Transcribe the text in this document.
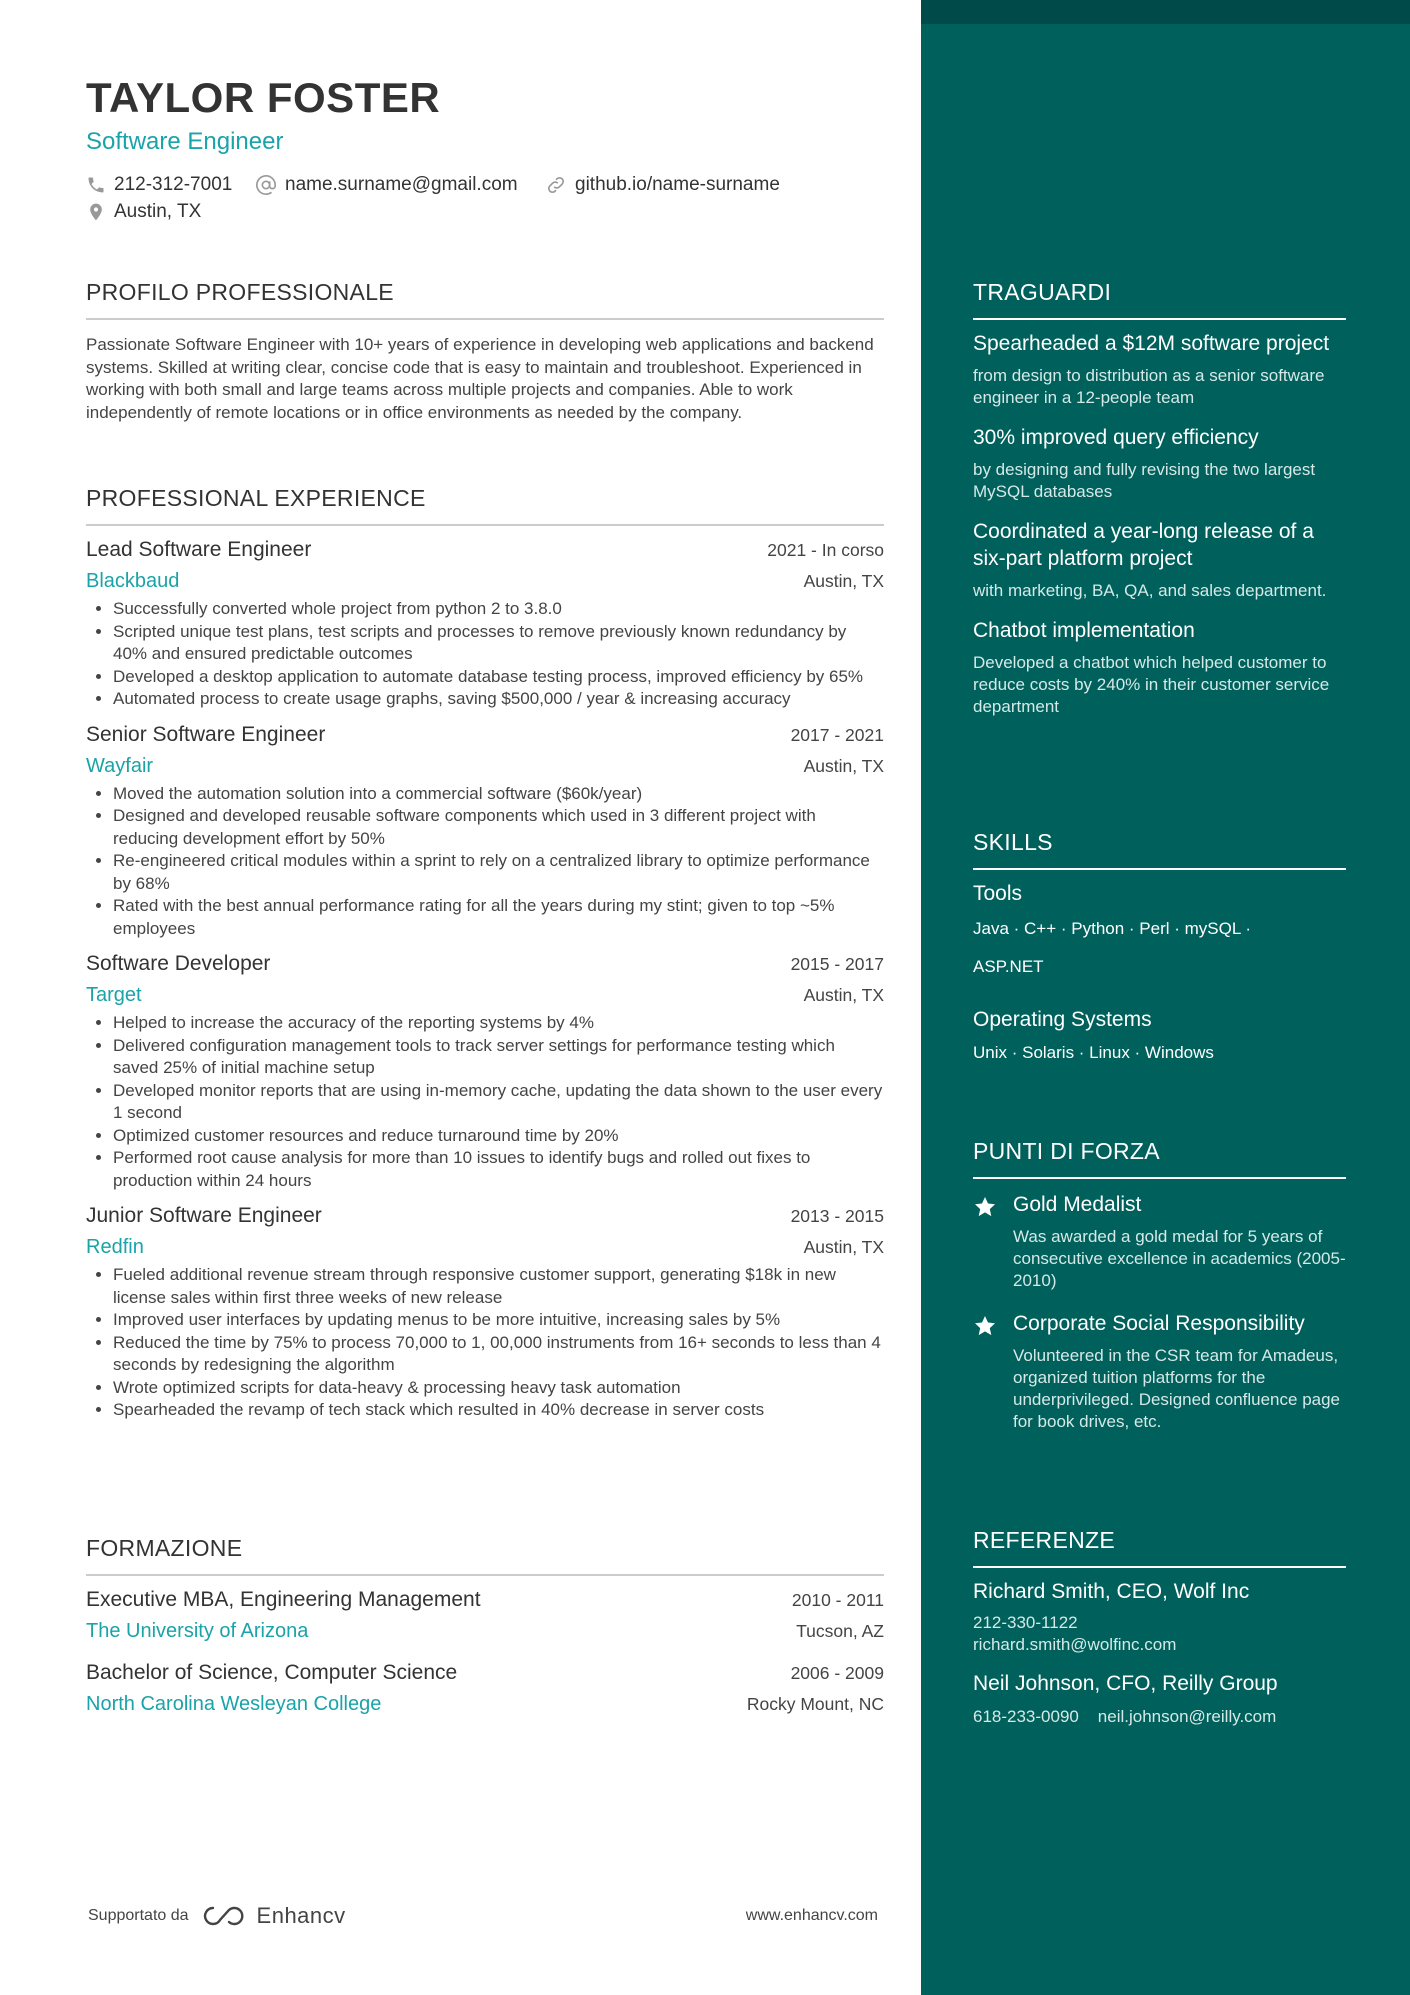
TAYLOR FOSTER
Software Engineer
212-312-7001	name.surname@gmail.com	github.io/name-surname
Austin, TX
PROFILO PROFESSIONALE
Passionate Software Engineer with 10+ years of experience in developing web applications and backend systems. Skilled at writing clear, concise code that is easy to maintain and troubleshoot. Experienced in working with both small and large teams across multiple projects and companies. Able to work independently of remote locations or in office environments as needed by the company.
PROFESSIONAL EXPERIENCE
Lead Software Engineer	2021 - In corso
Blackbaud	Austin, TX
• Successfully converted whole project from python 2 to 3.8.0
• Scripted unique test plans, test scripts and processes to remove previously known redundancy by 40% and ensured predictable outcomes
• Developed a desktop application to automate database testing process, improved efficiency by 65%
• Automated process to create usage graphs, saving $500,000 / year & increasing accuracy
Senior Software Engineer	2017 - 2021
Wayfair	Austin, TX
• Moved the automation solution into a commercial software ($60k/year)
• Designed and developed reusable software components which used in 3 different project with reducing development effort by 50%
• Re-engineered critical modules within a sprint to rely on a centralized library to optimize performance by 68%
• Rated with the best annual performance rating for all the years during my stint; given to top ~5% employees
Software Developer	2015 - 2017
Target	Austin, TX
• Helped to increase the accuracy of the reporting systems by 4%
• Delivered configuration management tools to track server settings for performance testing which saved 25% of initial machine setup
• Developed monitor reports that are using in-memory cache, updating the data shown to the user every 1 second
• Optimized customer resources and reduce turnaround time by 20%
• Performed root cause analysis for more than 10 issues to identify bugs and rolled out fixes to production within 24 hours
Junior Software Engineer	2013 - 2015
Redfin	Austin, TX
• Fueled additional revenue stream through responsive customer support, generating $18k in new license sales within first three weeks of new release
• Improved user interfaces by updating menus to be more intuitive, increasing sales by 5%
• Reduced the time by 75% to process 70,000 to 1, 00,000 instruments from 16+ seconds to less than 4 seconds by redesigning the algorithm
• Wrote optimized scripts for data-heavy & processing heavy task automation
• Spearheaded the revamp of tech stack which resulted in 40% decrease in server costs
FORMAZIONE
Executive MBA, Engineering Management	2010 - 2011
The University of Arizona	Tucson, AZ
Bachelor of Science, Computer Science	2006 - 2009
North Carolina Wesleyan College	Rocky Mount, NC
Supportato da	Enhancv	www.enhancv.com
TRAGUARDI
Spearheaded a $12M software project
from design to distribution as a senior software engineer in a 12-people team
30% improved query efficiency
by designing and fully revising the two largest MySQL databases
Coordinated a year-long release of a six-part platform project
with marketing, BA, QA, and sales department.
Chatbot implementation
Developed a chatbot which helped customer to reduce costs by 240% in their customer service department
SKILLS
Tools
Java · C++ · Python · Perl · mySQL ·
ASP.NET
Operating Systems
Unix · Solaris · Linux · Windows
PUNTI DI FORZA
Gold Medalist
Was awarded a gold medal for 5 years of consecutive excellence in academics (2005-2010)
Corporate Social Responsibility
Volunteered in the CSR team for Amadeus, organized tuition platforms for the underprivileged. Designed confluence page for book drives, etc.
REFERENZE
Richard Smith, CEO, Wolf Inc
212-330-1122
richard.smith@wolfinc.com
Neil Johnson, CFO, Reilly Group
618-233-0090 neil.johnson@reilly.com
